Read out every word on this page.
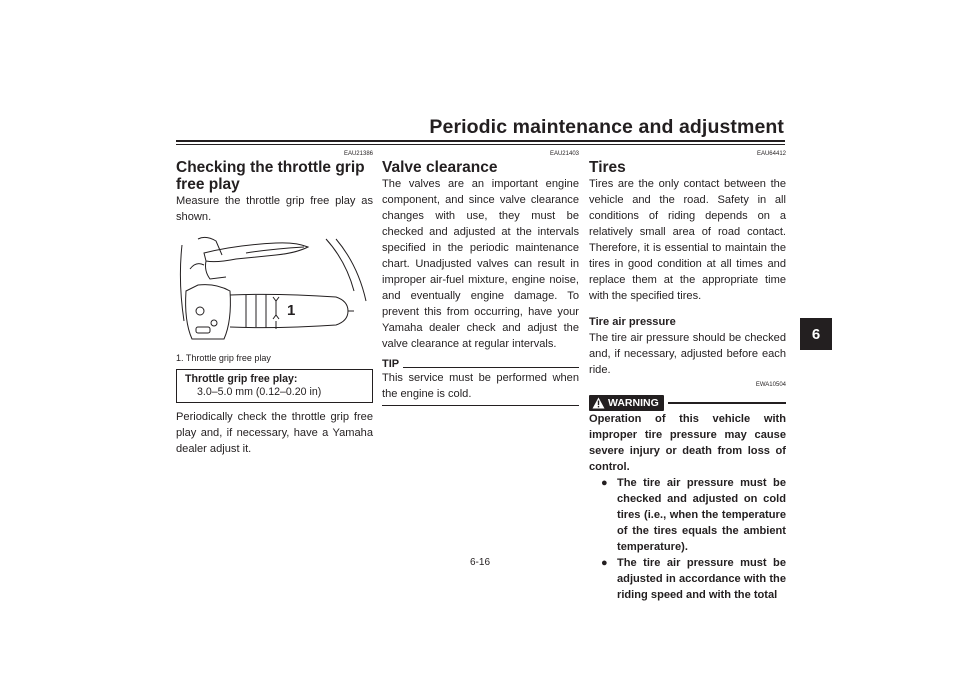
Periodic maintenance and adjustment
6
EAU21386
Checking the throttle grip free play

Measure the throttle grip free play as shown.

1
1. Throttle grip free play
Throttle grip free play:
3.0–5.0 mm (0.12–0.20 in)

Periodically check the throttle grip free play and, if necessary, have a Yamaha dealer adjust it.

EAU21403
Valve clearance

The valves are an important engine component, and since valve clearance changes with use, they must be checked and adjusted at the intervals specified in the periodic maintenance chart. Unadjusted valves can result in improper air-fuel mixture, engine noise, and eventually engine damage. To prevent this from occurring, have your Yamaha dealer check and adjust the valve clearance at regular intervals.

TIP

This service must be performed when the engine is cold.

EAU64412
Tires

Tires are the only contact between the vehicle and the road. Safety in all conditions of riding depends on a relatively small area of road contact. Therefore, it is essential to maintain the tires in good condition at all times and replace them at the appropriate time with the specified tires.

Tire air pressure

The tire air pressure should be checked and, if necessary, adjusted before each ride.

EWA10504
WARNING
Operation of this vehicle with improper tire pressure may cause severe injury or death from loss of control.
● The tire air pressure must be checked and adjusted on cold tires (i.e., when the temperature of the tires equals the ambient temperature).
● The tire air pressure must be adjusted in accordance with the riding speed and with the total
6-16
